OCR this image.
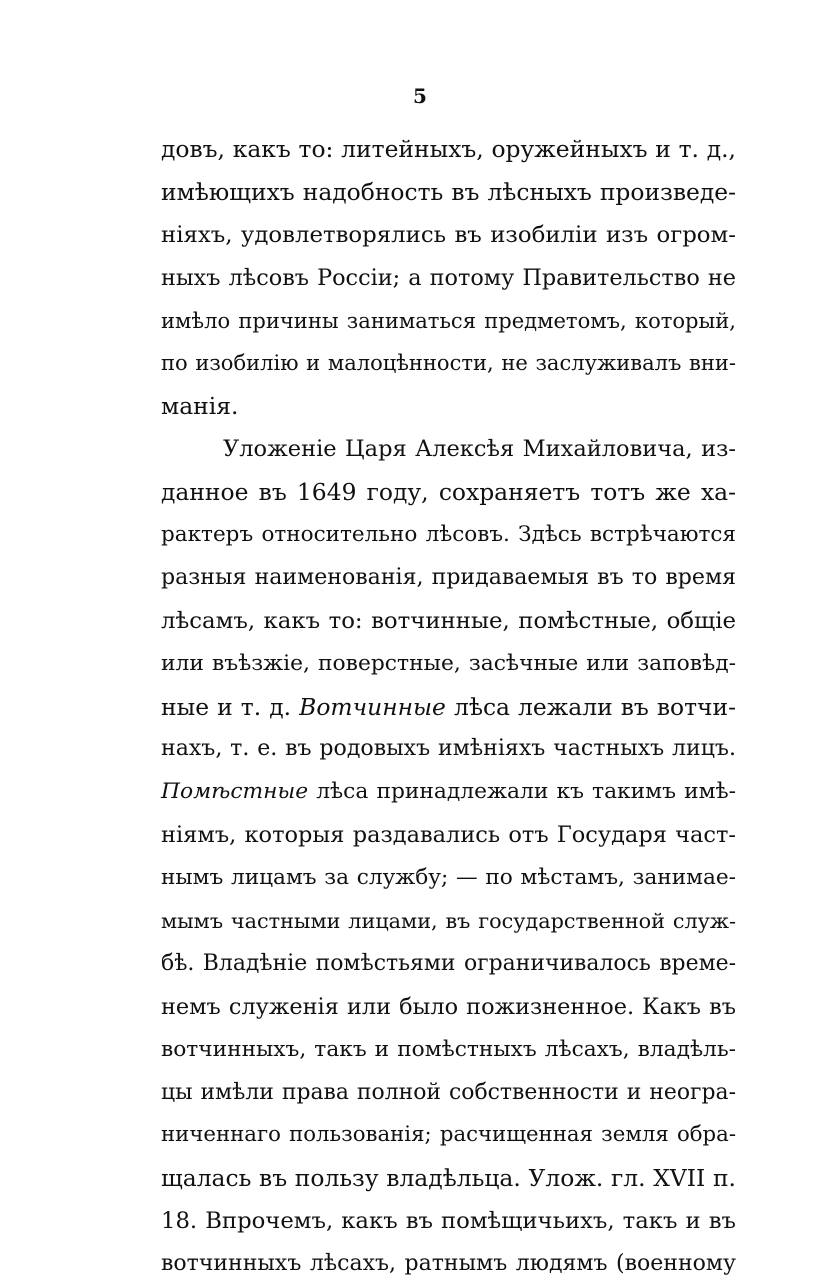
5
довъ, какъ то: литейныхъ, оружейныхъ и т. д.,
имѣющихъ надобность въ лѣсныхъ произведе-
ніяхъ, удовлетворялись въ изобиліи изъ огром-
ныхъ лѣсовъ Россіи; а потому Правительство не
имѣло причины заниматься предметомъ, который,
по изобилію и малоцѣнности, не заслуживалъ вни-
манія.
Уложеніе Царя Алексѣя Михайловича, из-
данное въ 1649 году, сохраняетъ тотъ же ха-
рактеръ относительно лѣсовъ. Здѣсь встрѣчаются
разныя наименованія, придаваемыя въ то время
лѣсамъ, какъ то: вотчинные, помѣстные, общіе
или въѣзжіе, поверстные, засѣчные или заповѣд-
ные и т. д. Вотчинные лѣса лежали въ вотчи-
нахъ, т. е. въ родовыхъ имѣніяхъ частныхъ лицъ.
Помѣстные лѣса принадлежали къ такимъ имѣ-
ніямъ, которыя раздавались отъ Государя част-
нымъ лицамъ за службу; — по мѣстамъ, занимае-
мымъ частными лицами, въ государственной служ-
бѣ. Владѣніе помѣстьями ограничивалось време-
немъ служенія или было пожизненное. Какъ въ
вотчинныхъ, такъ и помѣстныхъ лѣсахъ, владѣль-
цы имѣли права полной собственности и неогра-
ниченнаго пользованія; расчищенная земля обра-
щалась въ пользу владѣльца. Улож. гл. XVII п.
18. Впрочемъ, какъ въ помѣщичьихъ, такъ и въ
вотчинныхъ лѣсахъ, ратнымъ людямъ (военному
